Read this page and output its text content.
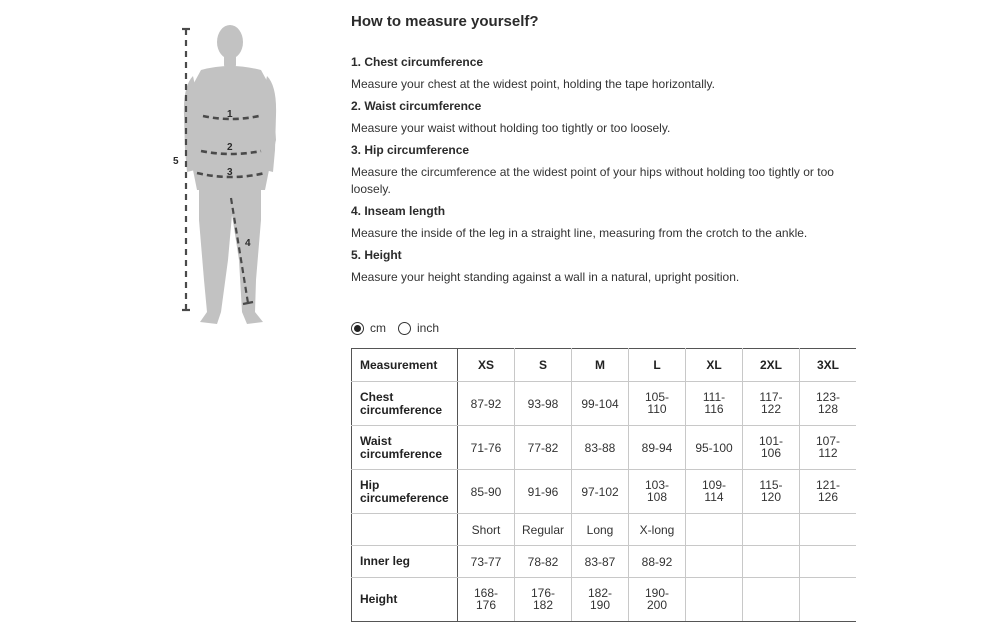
1
2
3
4
5
How to measure yourself?

1. Chest circumference

Measure your chest at the widest point, holding the tape horizontally.

2. Waist circumference

Measure your waist without holding too tightly or too loosely.

3. Hip circumference

Measure the circumference at the widest point of your hips without holding too tightly or too loosely.

4. Inseam length

Measure the inside of the leg in a straight line, measuring from the crotch to the ankle.

5. Height

Measure your height standing against a wall in a natural, upright position.

cm	inch
Measurement	XS	S	M	L	XL	2XL	3XL
Chest circumference	87-92	93-98	99-104	105-110	111-116	117-122	123-128
Waist circumference	71-76	77-82	83-88	89-94	95-100	101-106	107-112
Hip circumeference	85-90	91-96	97-102	103-108	109-114	115-120	121-126
	Short	Regular	Long	X-long			
Inner leg	73-77	78-82	83-87	88-92			
Height	168-176	176-182	182-190	190-200			
